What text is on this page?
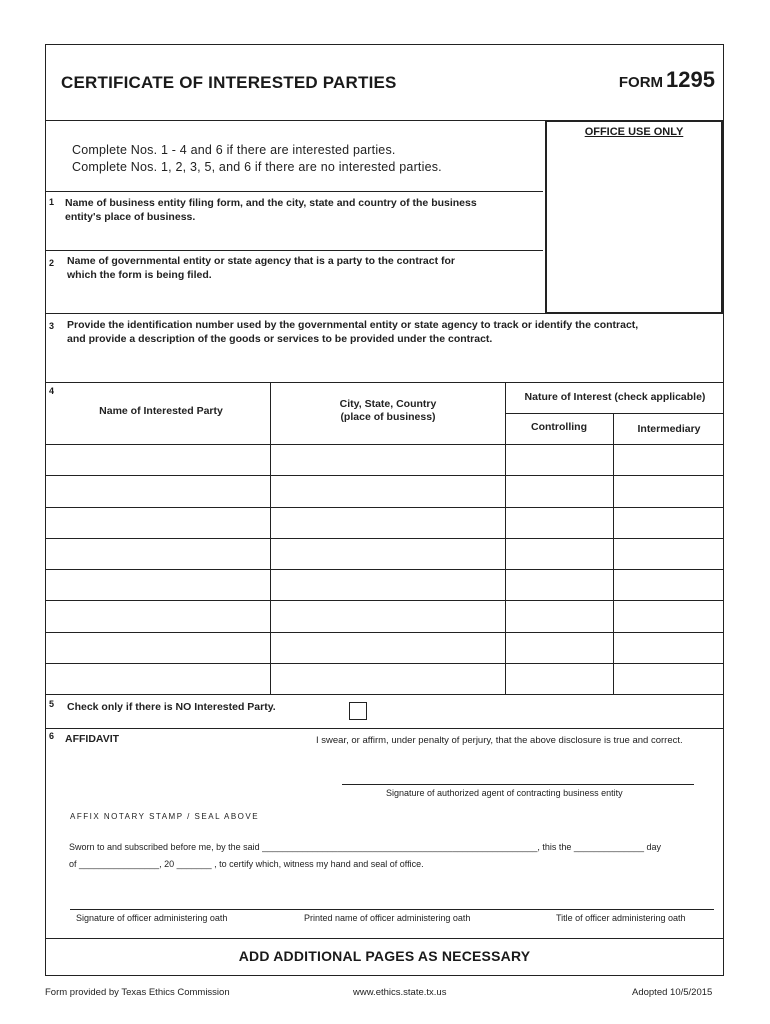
CERTIFICATE OF INTERESTED PARTIES	FORM 1295
OFFICE USE ONLY

Complete Nos. 1 - 4 and 6 if there are interested parties.

Complete Nos. 1, 2, 3, 5, and 6 if there are no interested parties.

1 Name of business entity filing form, and the city, state and country of the business
entity's place of business.
2 Name of governmental entity or state agency that is a party to the contract for
which the form is being filed.
3 Provide the identification number used by the governmental entity or state agency to track or identify the contract,
and provide a description of the goods or services to be provided under the contract.
4
Name of Interested Party
City, State, Country
(place of business)
Nature of Interest (check applicable)
Controlling	Intermediary
5 Check only if there is NO Interested Party.
6 AFFIDAVIT	I swear, or affirm, under penalty of perjury, that the above disclosure is true and correct.
Signature of authorized agent of contracting business entity
AFFIX NOTARY STAMP / SEAL ABOVE
Sworn to and subscribed before me, by the said _______________________________________________________, this the ______________ day
of ________________, 20 _______ , to certify which, witness my hand and seal of office.
Signature of officer administering oath	Printed name of officer administering oath	Title of officer administering oath
ADD ADDITIONAL PAGES AS NECESSARY
Form provided by Texas Ethics Commission	www.ethics.state.tx.us	Adopted 10/5/2015
